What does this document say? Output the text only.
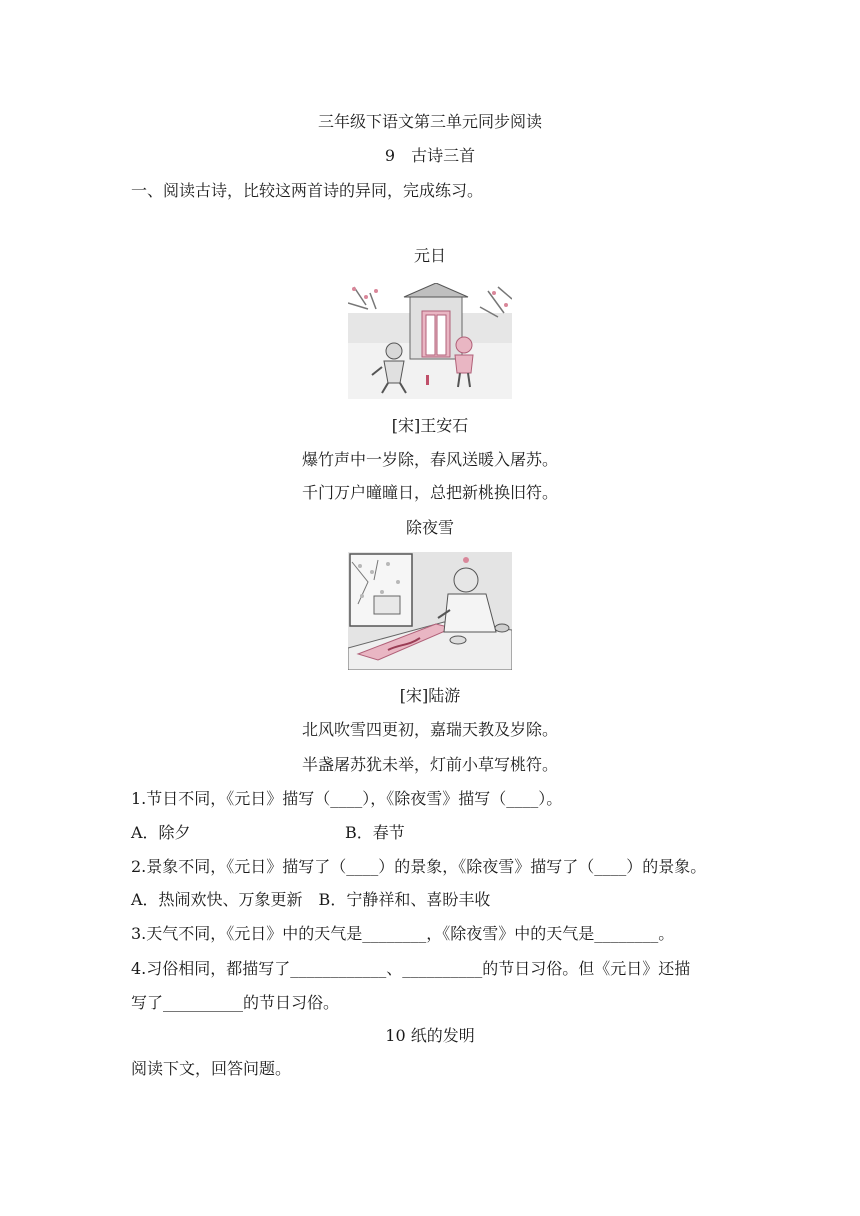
三年级下语文第三单元同步阅读
9　古诗三首
一、阅读古诗，比较这两首诗的异同，完成练习。
元日
[宋]王安石
爆竹声中一岁除，春风送暖入屠苏。
千门万户曈曈日，总把新桃换旧符。
除夜雪
[宋]陆游
北风吹雪四更初，嘉瑞天教及岁除。
半盏屠苏犹未举，灯前小草写桃符。
1.节日不同，《元日》描写（____），《除夜雪》描写（____）。
A．除夕	B．春节
2.景象不同，《元日》描写了（____）的景象，《除夜雪》描写了（____）的景象。
A．热闹欢快、万象更新　B．宁静祥和、喜盼丰收
3.天气不同，《元日》中的天气是________，《除夜雪》中的天气是________。
4.习俗相同，都描写了____________、__________的节日习俗。但《元日》还描
写了__________的节日习俗。
10 纸的发明
阅读下文，回答问题。
